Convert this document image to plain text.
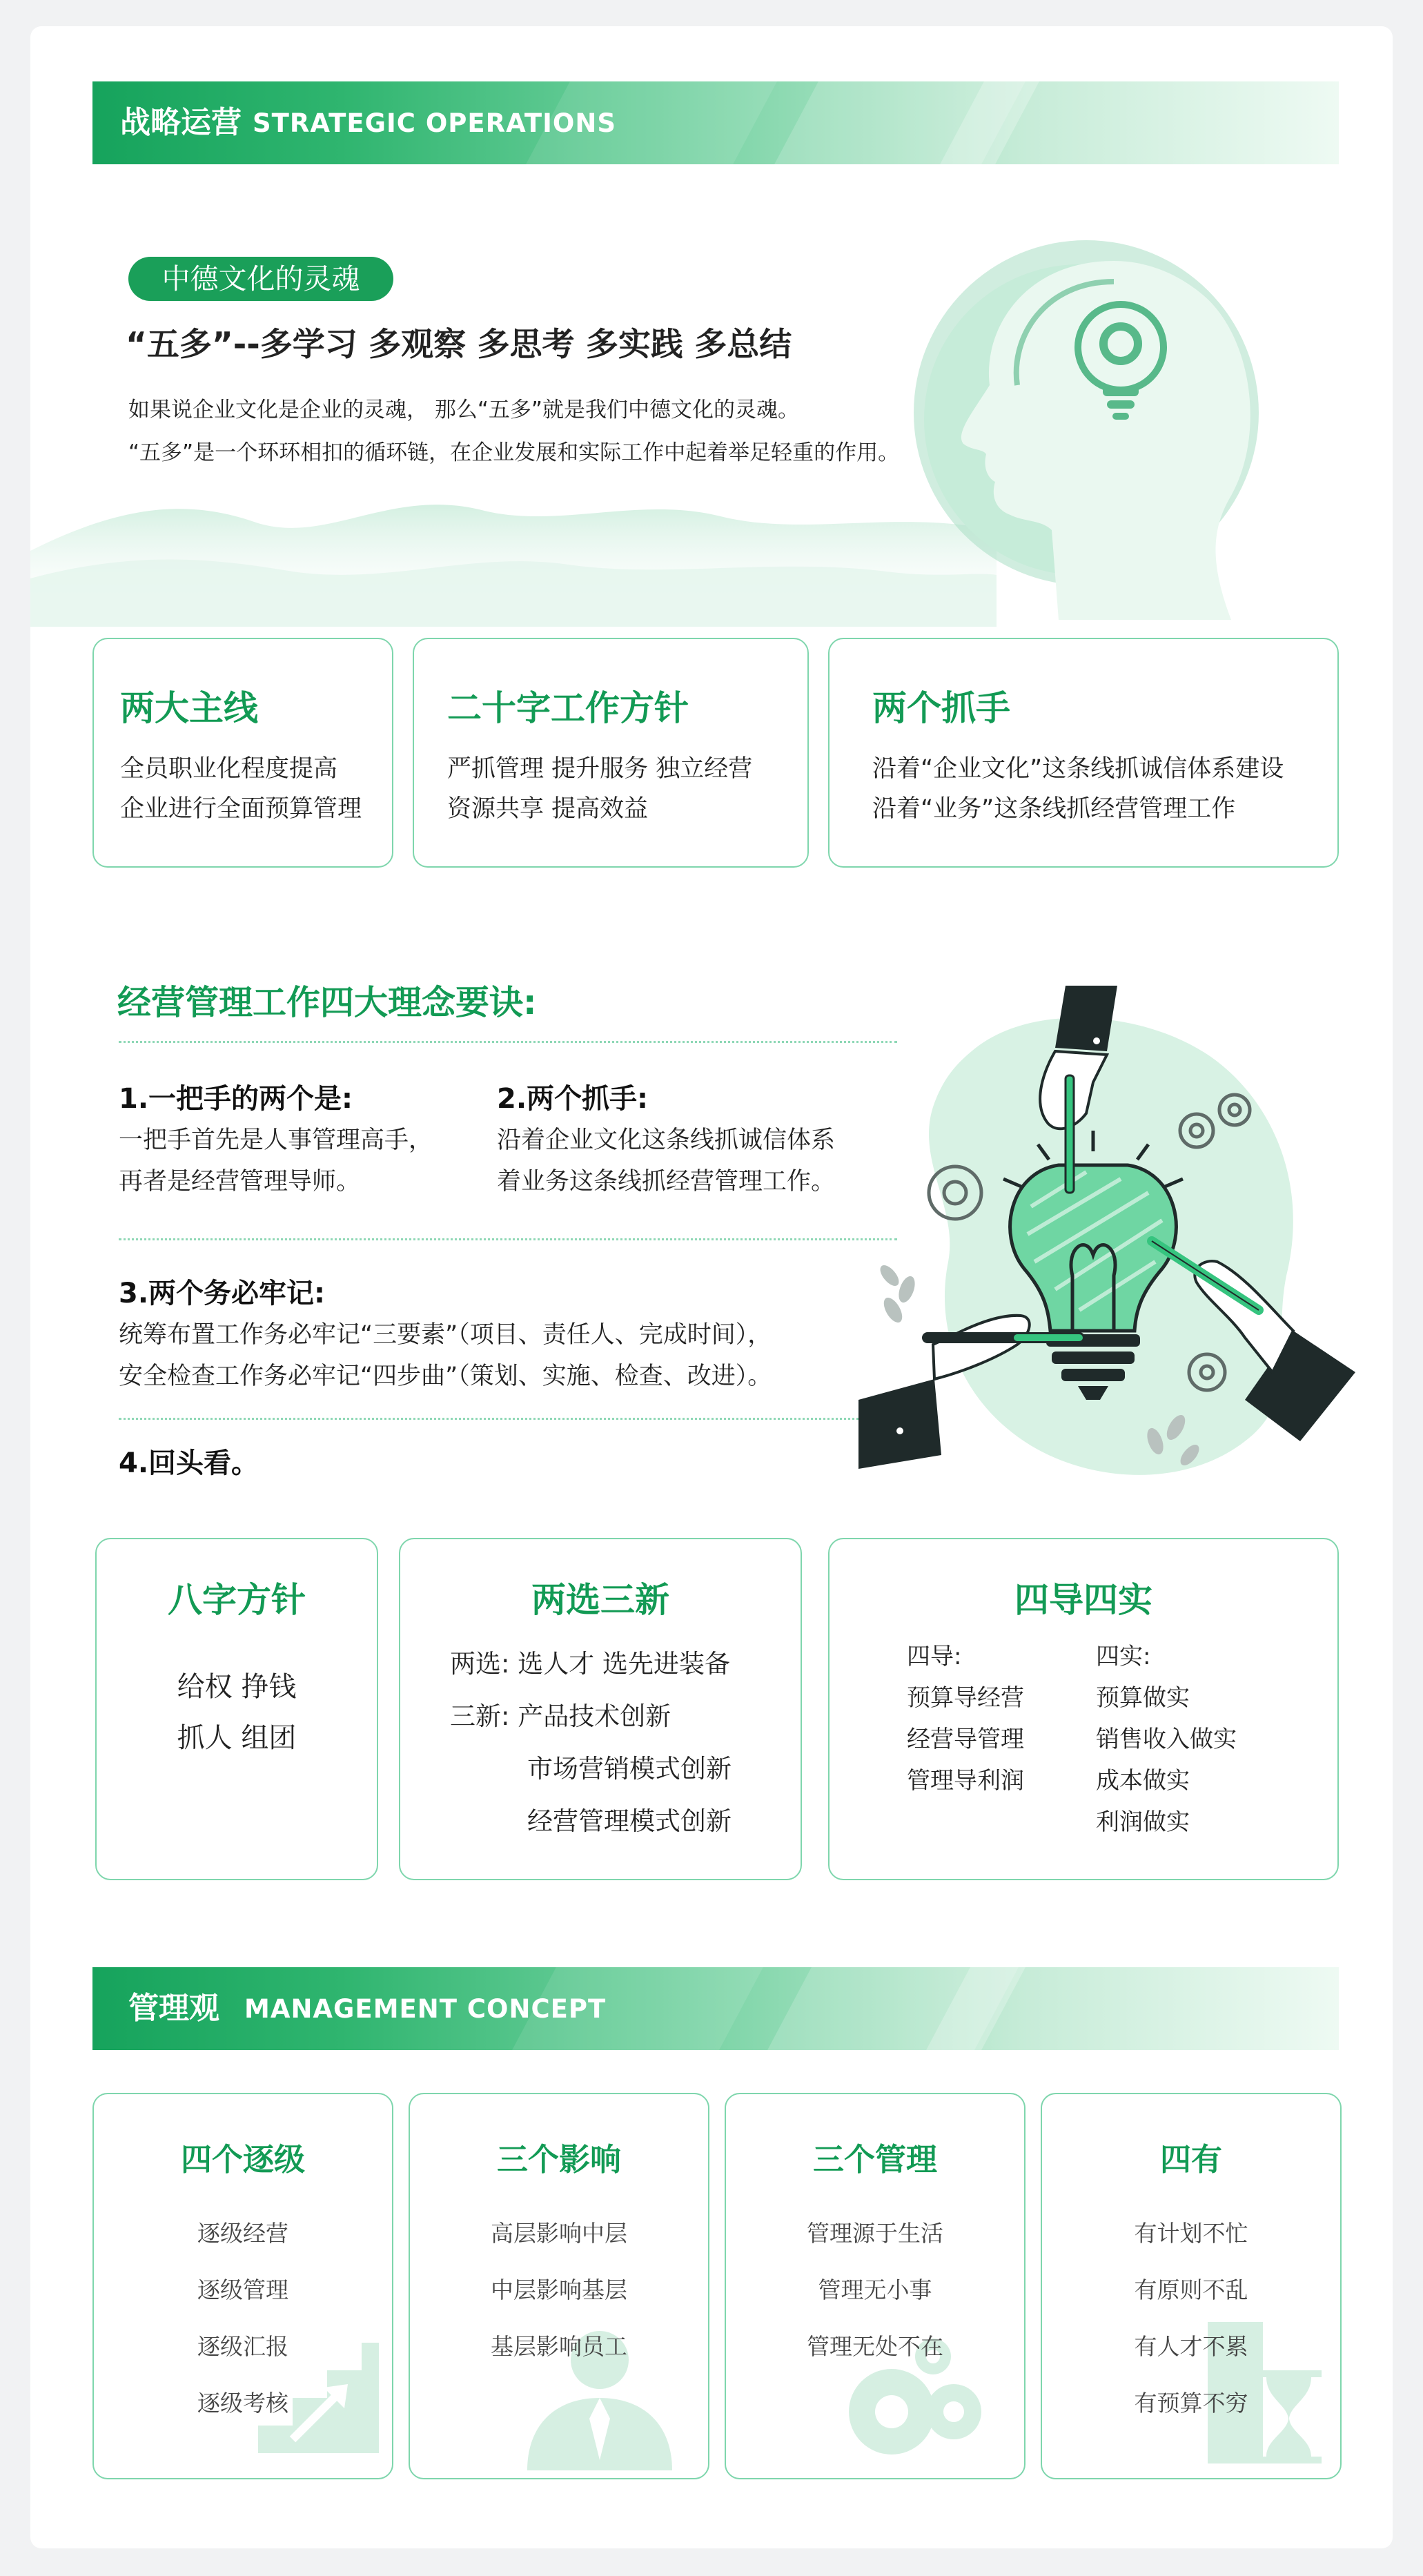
战略运营 STRATEGIC OPERATIONS
中德文化的灵魂
“五多”--多学习 多观察 多思考 多实践 多总结
如果说企业文化是企业的灵魂， 那么“五多”就是我们中德文化的灵魂。
“五多”是一个环环相扣的循环链，在企业发展和实际工作中起着举足轻重的作用。
两大主线
全员职业化程度提高
企业进行全面预算管理
二十字工作方针
严抓管理 提升服务 独立经营
资源共享 提高效益
两个抓手
沿着“企业文化”这条线抓诚信体系建设
沿着“业务”这条线抓经营管理工作
经营管理工作四大理念要诀:
1.一把手的两个是:
一把手首先是人事管理高手，
再者是经营管理导师。
2.两个抓手:
沿着企业文化这条线抓诚信体系
着业务这条线抓经营管理工作。
3.两个务必牢记:
统筹布置工作务必牢记“三要素”（项目、责任人、完成时间），
安全检查工作务必牢记“四步曲”（策划、实施、检查、改进）。
4.回头看。
八字方针
给权 挣钱
抓人 组团
两选三新
两选: 选人才 选先进装备
三新: 产品技术创新
市场营销模式创新
经营管理模式创新
四导四实
四导:
预算导经营
经营导管理
管理导利润
四实:
预算做实
销售收入做实
成本做实
利润做实
管理观 MANAGEMENT CONCEPT
四个逐级
逐级经营
逐级管理
逐级汇报
逐级考核
三个影响
高层影响中层
中层影响基层
基层影响员工
三个管理
管理源于生活
管理无小事
管理无处不在
四有
有计划不忙
有原则不乱
有人才不累
有预算不穷
